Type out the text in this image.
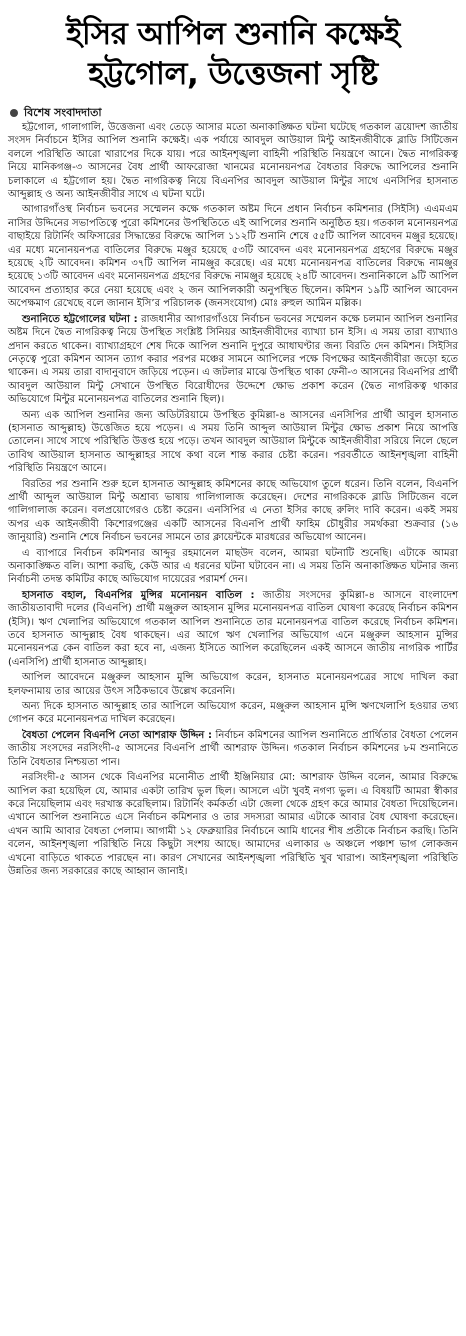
ইসির আপিল শুনানি কক্ষেই
হট্টগোল, উত্তেজনা সৃষ্টি
বিশেষ সংবাদদাতা

হট্টগোল, গালাগালি, উত্তেজনা এবং তেড়ে আসার মতো অনাকাঙ্ক্ষিত ঘটনা ঘটেছে গতকাল ত্রয়োদশ জাতীয় সংসদ নির্বাচনে ইসির আপিল শুনানি কক্ষেই। এক পর্যায়ে আবদুল আউয়াল মিন্টু আইনজীবীকে ব্লাডি সিটিজেন বললে পরিস্থিতি আরো খারাপের দিকে যায়। পরে আইনশৃঙ্খলা বাহিনী পরিস্থিতি নিয়ন্ত্রণে আনে। দ্বৈত নাগরিকত্ব নিয়ে মানিকগঞ্জ-৩ আসনের বৈধ প্রার্থী আফরোজা খানমের মনোনয়নপত্র বৈধতার বিরুদ্ধে আপিলের শুনানি চলাকালে এ হট্টগোল হয়। দ্বৈত নাগরিকত্ব নিয়ে বিএনপির আবদুল আউয়াল মিন্টুর সাথে এনসিপির হাসনাত আব্দুল্লাহ ও অন্য আইনজীবীর সাথে এ ঘটনা ঘটে।

আগারগাঁওস্থ নির্বাচন ভবনের সম্মেলন কক্ষে গতকাল অষ্টম দিনে প্রধান নির্বাচন কমিশনার (সিইসি) এএমএম নাসির উদ্দিনের সভাপতিত্বে পুরো কমিশনের উপস্থিতিতে এই আপিলের শুনানি অনুষ্ঠিত হয়। গতকাল মনোনয়নপত্র বাছাইয়ে রিটার্নিং অফিসারের সিদ্ধান্তের বিরুদ্ধে আপিল ১১২টি শুনানি শেষে ৫৫টি আপিল আবেদন মঞ্জুর হয়েছে। এর মধ্যে মনোনয়নপত্র বাতিলের বিরুদ্ধে মঞ্জুর হয়েছে ৫৩টি আবেদন এবং মনোনয়নপত্র গ্রহণের বিরুদ্ধে মঞ্জুর হয়েছে ২টি আবেদন। কমিশন ৩৭টি আপিল নামঞ্জুর করেছে। এর মধ্যে মনোনয়নপত্র বাতিলের বিরুদ্ধে নামঞ্জুর হয়েছে ১৩টি আবেদন এবং মনোনয়নপত্র গ্রহণের বিরুদ্ধে নামঞ্জুর হয়েছে ২৪টি আবেদন। শুনানিকালে ৯টি আপিল আবেদন প্রত্যাহার করে নেয়া হয়েছে এবং ২ জন আপিলকারী অনুপস্থিত ছিলেন। কমিশন ১৯টি আপিল আবেদন অপেক্ষমাণ রেখেছে বলে জানান ইসি’র পরিচালক (জনসংযোগ) মোঃ রুহুল আমিন মল্লিক।

শুনানিতে হট্টগোলের ঘটনা : রাজধানীর আগারগাঁওয়ে নির্বাচন ভবনের সম্মেলন কক্ষে চলমান আপিল শুনানির অষ্টম দিনে দ্বৈত নাগরিকত্ব নিয়ে উপস্থিত সংশ্লিষ্ট সিনিয়র আইনজীবীদের ব্যাখ্যা চান ইসি। এ সময় তারা ব্যাখ্যাও প্রদান করতে থাকেন। ব্যাখ্যাগ্রহণে শেষ দিকে আপিল শুনানি দুপুরে আধাঘণ্টার জন্য বিরতি দেন কমিশন। সিইসির নেতৃত্বে পুরো কমিশন আসন ত্যাগ করার পরপর মঞ্চের সামনে আপিলের পক্ষে বিপক্ষের আইনজীবীরা জড়ো হতে থাকেন। এ সময় তারা বাদানুবাদে জড়িয়ে পড়েন। এ জটলার মাঝে উপস্থিত থাকা ফেনী-৩ আসনের বিএনপির প্রার্থী আবদুল আউয়াল মিন্টু সেখানে উপস্থিত বিরোধীদের উদ্দেশে ক্ষোভ প্রকাশ করেন (দ্বৈত নাগরিকত্ব থাকার অভিযোগে মিন্টুর মনোনয়নপত্র বাতিলের শুনানি ছিল)।

অন্য এক আপিল শুনানির জন্য অডিটরিয়ামে উপস্থিত কুমিল্লা-৪ আসনের এনসিপির প্রার্থী আবুল হাসনাত (হাসনাত আব্দুল্লাহ) উত্তেজিত হয়ে পড়েন। এ সময় তিনি আব্দুল আউয়াল মিন্টুর ক্ষোভ প্রকাশ নিয়ে আপত্তি তোলেন। সাথে সাথে পরিস্থিতি উত্তপ্ত হয়ে পড়ে। তখন আবদুল আউয়াল মিন্টুকে আইনজীবীরা সরিয়ে নিলে ছেলে তাবিথ আউয়াল হাসনাত আব্দুল্লাহর সাথে কথা বলে শান্ত করার চেষ্টা করেন। পরবর্তীতে আইনশৃঙ্খলা বাহিনী পরিস্থিতি নিয়ন্ত্রণে আনে।

বিরতির পর শুনানি শুরু হলে হাসনাত আব্দুল্লাহ কমিশনের কাছে অভিযোগ তুলে ধরেন। তিনি বলেন, বিএনপি প্রার্থী আব্দুল আউয়াল মিন্টু অশ্রাব্য ভাষায় গালিগালাজ করেছেন। দেশের নাগরিককে ব্লাডি সিটিজেন বলে গালিগালাজ করেন। বলপ্রয়োগেরও চেষ্টা করেন। এনসিপির এ নেতা ইসির কাছে রুলিং দাবি করেন। একই সময় অপর এক আইনজীবী কিশোরগঞ্জের একটি আসনের বিএনপি প্রার্থী ফাহিম চৌধুরীর সমর্থকরা শুক্রবার (১৬ জানুয়ারি) শুনানি শেষে নির্বাচন ভবনের সামনে তার ক্লায়েন্টকে মারধরের অভিযোগ আনেন।

এ ব্যাপারে নির্বাচন কমিশনার আব্দুর রহমানেল মাছউদ বলেন, আমরা ঘটনাটি শুনেছি। এটাকে আমরা অনাকাঙ্ক্ষিত বলি। আশা করছি, কেউ আর এ ধরনের ঘটনা ঘটাবেন না। এ সময় তিনি অনাকাঙ্ক্ষিত ঘটনার জন্য নির্বাচনী তদন্ত কমিটির কাছে অভিযোগ দায়েরের পরামর্শ দেন।

হাসনাত বহাল, বিএনপির মুন্সির মনোনয়ন বাতিল : জাতীয় সংসদের কুমিল্লা-৪ আসনে বাংলাদেশ জাতীয়তাবাদী দলের (বিএনপি) প্রার্থী মঞ্জুরুল আহসান মুন্সির মনোনয়নপত্র বাতিল ঘোষণা করেছে নির্বাচন কমিশন (ইসি)। ঋণ খেলাপির অভিযোগে গতকাল আপিল শুনানিতে তার মনোনয়নপত্র বাতিল করেছে নির্বাচন কমিশন। তবে হাসনাত আব্দুল্লাহ বৈধ থাকছেন। এর আগে ঋণ খেলাপির অভিযোগ এনে মঞ্জুরুল আহসান মুন্সির মনোনয়নপত্র কেন বাতিল করা হবে না, এজন্য ইসিতে আপিল করেছিলেন একই আসনে জাতীয় নাগরিক পার্টির (এনসিপি) প্রার্থী হাসনাত আব্দুল্লাহ।

আপিল আবেদনে মঞ্জুরুল আহসান মুন্সি অভিযোগ করেন, হাসনাত মনোনয়নপত্রের সাথে দাখিল করা হলফনামায় তার আয়ের উৎস সঠিকভাবে উল্লেখ করেননি।

অন্য দিকে হাসনাত আব্দুল্লাহ তার আপিলে অভিযোগ করেন, মঞ্জুরুল আহসান মুন্সি ঋণখেলাপি হওয়ার তথ্য গোপন করে মনোনয়নপত্র দাখিল করেছেন।

বৈধতা পেলেন বিএনপি নেতা আশরাফ উদ্দিন : নির্বাচন কমিশনের আপিল শুনানিতে প্রার্থিতার বৈধতা পেলেন জাতীয় সংসদের নরসিংদী-৫ আসনের বিএনপি প্রার্থী আশরাফ উদ্দিন। গতকাল নির্বাচন কমিশনের ৮ম শুনানিতে তিনি বৈধতার নিশ্চয়তা পান।

নরসিংদী-৫ আসন থেকে বিএনপির মনোনীত প্রার্থী ইঞ্জিনিয়ার মো: আশরাফ উদ্দিন বলেন, আমার বিরুদ্ধে আপিল করা হয়েছিল যে, আমার একটা তারিখ ভুল ছিল। আসলে এটা খুবই নগণ্য ভুল। এ বিষয়টি আমরা স্বীকার করে নিয়েছিলাম এবং দরখাস্ত করেছিলাম। রিটার্নিং কর্মকর্তা এটা জেলা থেকে গ্রহণ করে আমার বৈধতা দিয়েছিলেন। এখানে আপিল শুনানিতে এসে নির্বাচন কমিশনার ও তার সদস্যরা আমার এটাকে আবার বৈধ ঘোষণা করেছেন। এখন আমি আবার বৈধতা পেলাম। আগামী ১২ ফেব্রুয়ারির নির্বাচনে আমি ধানের শীষ প্রতীকে নির্বাচন করছি। তিনি বলেন, আইনশৃঙ্খলা পরিস্থিতি নিয়ে কিছুটা সংশয় আছে। আমাদের এলাকার ৬ অঞ্চলে পঞ্চাশ ভাগ লোকজন এখনো বাড়িতে থাকতে পারছেন না। কারণ সেখানের আইনশৃঙ্খলা পরিস্থিতি খুব খারাপ। আইনশৃঙ্খলা পরিস্থিতি উন্নতির জন্য সরকারের কাছে আহ্বান জানাই।
